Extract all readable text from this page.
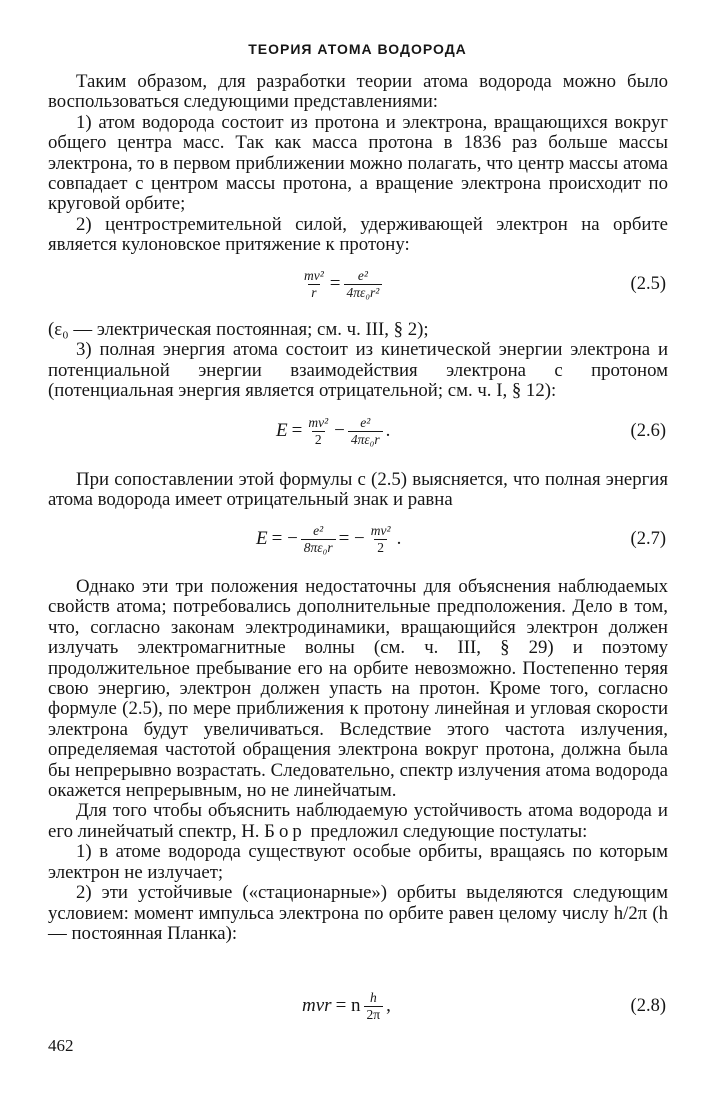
ТЕОРИЯ АТОМА ВОДОРОДА

Таким образом, для разработки теории атома водорода можно было воспользоваться следующими представлениями:

1) атом водорода состоит из протона и электрона, вращающихся вокруг общего центра масс. Так как масса протона в 1836 раз больше массы электрона, то в первом приближении можно полагать, что центр массы атома совпадает с центром массы протона, а вращение электрона происходит по круговой орбите;

2) центростремительной силой, удерживающей электрон на орбите является кулоновское притяжение к протону:

$\frac{\text{mv²}}{r} = \frac{\text{e²}}{\text{4πε₀r²}}$	(2.5)

(ε₀ — электрическая постоянная; см. ч. III, § 2);

3) полная энергия атома состоит из кинетической энергии электрона и потенциальной энергии взаимодействия электрона с протоном (потенциальная энергия является отрицательной; см. ч. I, § 12):

$E = \frac{\text{mv²}}{2} - \frac{\text{e²}}{\text{4πε₀r}}$ .	(2.6)

При сопоставлении этой формулы с (2.5) выясняется, что полная энергия атома водорода имеет отрицательный знак и равна

E = − $\frac{\text{e²}}{\text{8πε₀r}}$ = − $\frac{\text{mv²}}{2}$ .	(2.7)

Однако эти три положения недостаточны для объяснения наблюдаемых свойств атома; потребовались дополнительные предположения. Дело в том, что, согласно законам электродинамики, вращающийся электрон должен излучать электромагнитные волны (см. ч. III, § 29) и поэтому продолжительное пребывание его на орбите невозможно. Постепенно теряя свою энергию, электрон должен упасть на протон. Кроме того, согласно формуле (2.5), по мере приближения к протону линейная и угловая скорости электрона будут увеличиваться. Вследствие этого частота излучения, определяемая частотой обращения электрона вокруг протона, должна была бы непрерывно возрастать. Следовательно, спектр излучения атома водорода окажется непрерывным, но не линейчатым.

Для того чтобы объяснить наблюдаемую устойчивость атома водорода и его линейчатый спектр, Н. Бор предложил следующие постулаты:

1) в атоме водорода существуют особые орбиты, вращаясь по которым электрон не излучает;

2) эти устойчивые («стационарные») орбиты выделяются следующим условием: момент импульса электрона по орбите равен целому числу h/2π (h — постоянная Планка):

mvr = n $\frac{h}{2\pi}$ ,	(2.8)
462
